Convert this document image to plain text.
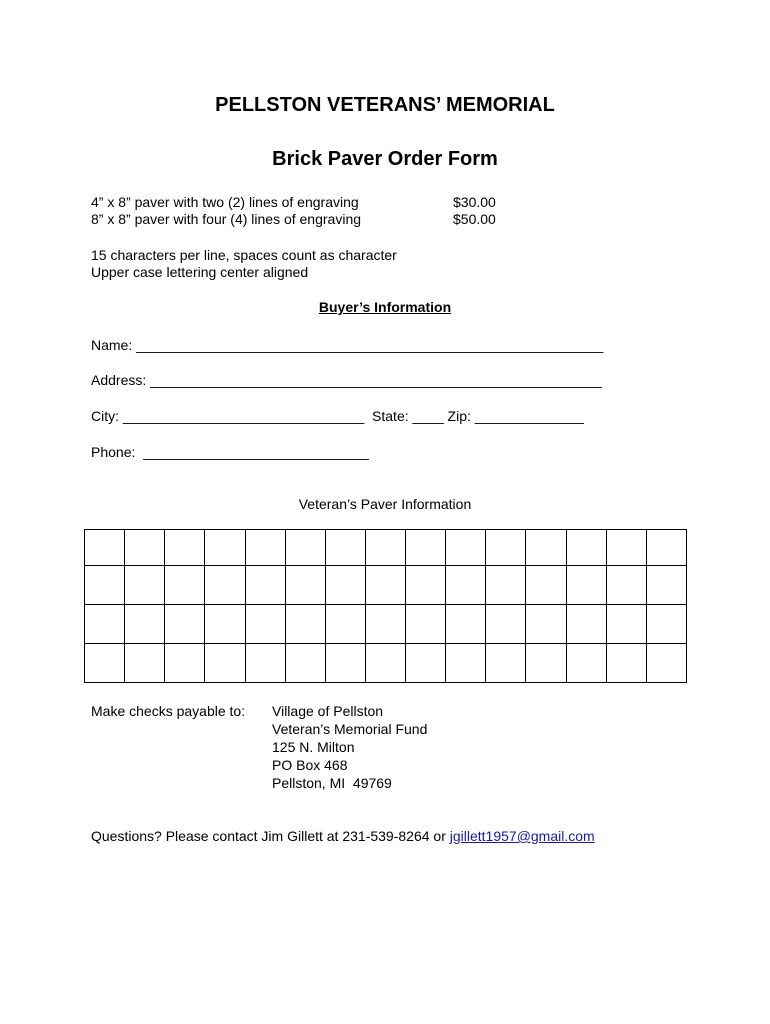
PELLSTON VETERANS’ MEMORIAL
Brick Paver Order Form
4” x 8” paver with two (2) lines of engraving	$30.00
8” x 8” paver with four (4) lines of engraving	$50.00
15 characters per line, spaces count as character
Upper case lettering center aligned
Buyer’s Information
Name: ____________________________________________________________
Address: __________________________________________________________
City: _______________________________  State: ____ Zip: ______________
Phone:  _____________________________
Veteran’s Paver Information

Make checks payable to: Village of Pellston
Veteran’s Memorial Fund
125 N. Milton
PO Box 468
Pellston, MI  49769
Questions? Please contact Jim Gillett at 231-539-8264 or jgillett1957@gmail.com
